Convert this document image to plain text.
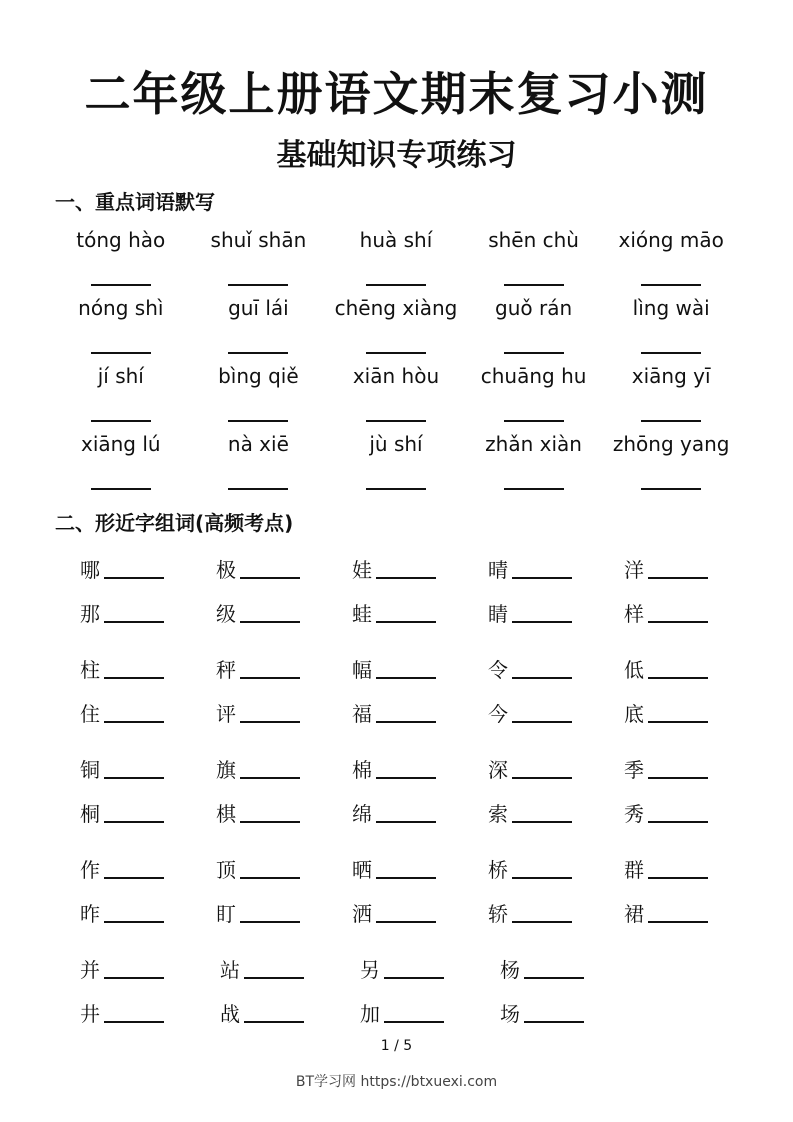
二年级上册语文期末复习小测
基础知识专项练习
一、重点词语默写
tóng hào	shuǐ shān	huà shí	shēn chù	xióng māo
nóng shì	guī lái	chēng xiàng	guǒ rán	lìng wài
jí shí	bìng qiě	xiān hòu	chuāng hu	xiāng yī
xiāng lú	nà xiē	jù shí	zhǎn xiàn	zhōng yang
二、形近字组词(高频考点)
哪	极	娃	晴	洋
那	级	蛙	睛	样
柱	秤	幅	令	低
住	评	福	今	底
铜	旗	棉	深	季
桐	棋	绵	索	秀
作	顶	晒	桥	群
昨	盯	洒	轿	裙
并	站	另	杨
井	战	加	场
1 / 5
BT学习网 https://btxuexi.com
